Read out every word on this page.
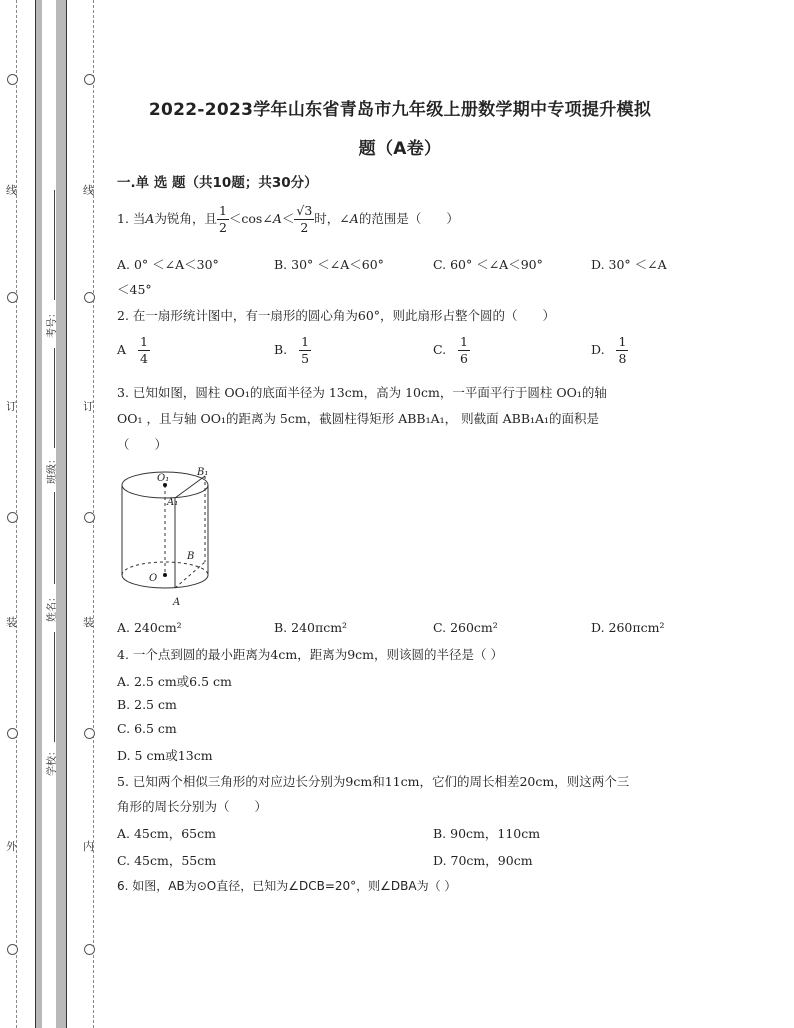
线
订
装
外
线
订
装
内
考号：
班级：
姓名：
学校：
2022-2023学年山东省青岛市九年级上册数学期中专项提升模拟
题（A卷）
一.单 选 题（共10题；共30分）
1. 当A为锐角，且 $\frac{1}{2}$ ＜cos∠A＜ $\frac{√3}{2}$ 时，∠A的范围是（　　）
A. 0° ＜∠A＜30°	B. 30° ＜∠A＜60°	C. 60° ＜∠A＜90°	D. 30° ＜∠A
＜45°
2. 在一扇形统计图中，有一扇形的圆心角为60°，则此扇形占整个圆的（　　）
A $\frac{1}{4}$	B. $\frac{1}{5}$	C. $\frac{1}{6}$	D. $\frac{1}{8}$
3. 已知如图，圆柱 OO₁的底面半径为 13cm，高为 10cm，一平面平行于圆柱 OO₁的轴
OO₁ ，且与轴 OO₁的距离为 5cm，截圆柱得矩形 ABB₁A₁， 则截面 ABB₁A₁的面积是
（　　）
O₁
B₁
A₁
B
O
A
A. 240cm²	B. 240πcm²	C. 260cm²	D. 260πcm²
4. 一个点到圆的最小距离为4cm，距离为9cm，则该圆的半径是（ ）
A. 2.5 cm或6.5 cm
B. 2.5 cm
C. 6.5 cm
D. 5 cm或13cm
5. 已知两个相似三角形的对应边长分别为9cm和11cm，它们的周长相差20cm，则这两个三
角形的周长分别为（　　）
A. 45cm，65cm	B. 90cm，110cm
C. 45cm，55cm	D. 70cm，90cm
6. 如图，AB为⊙O直径，已知为∠DCB=20°，则∠DBA为（ ）
